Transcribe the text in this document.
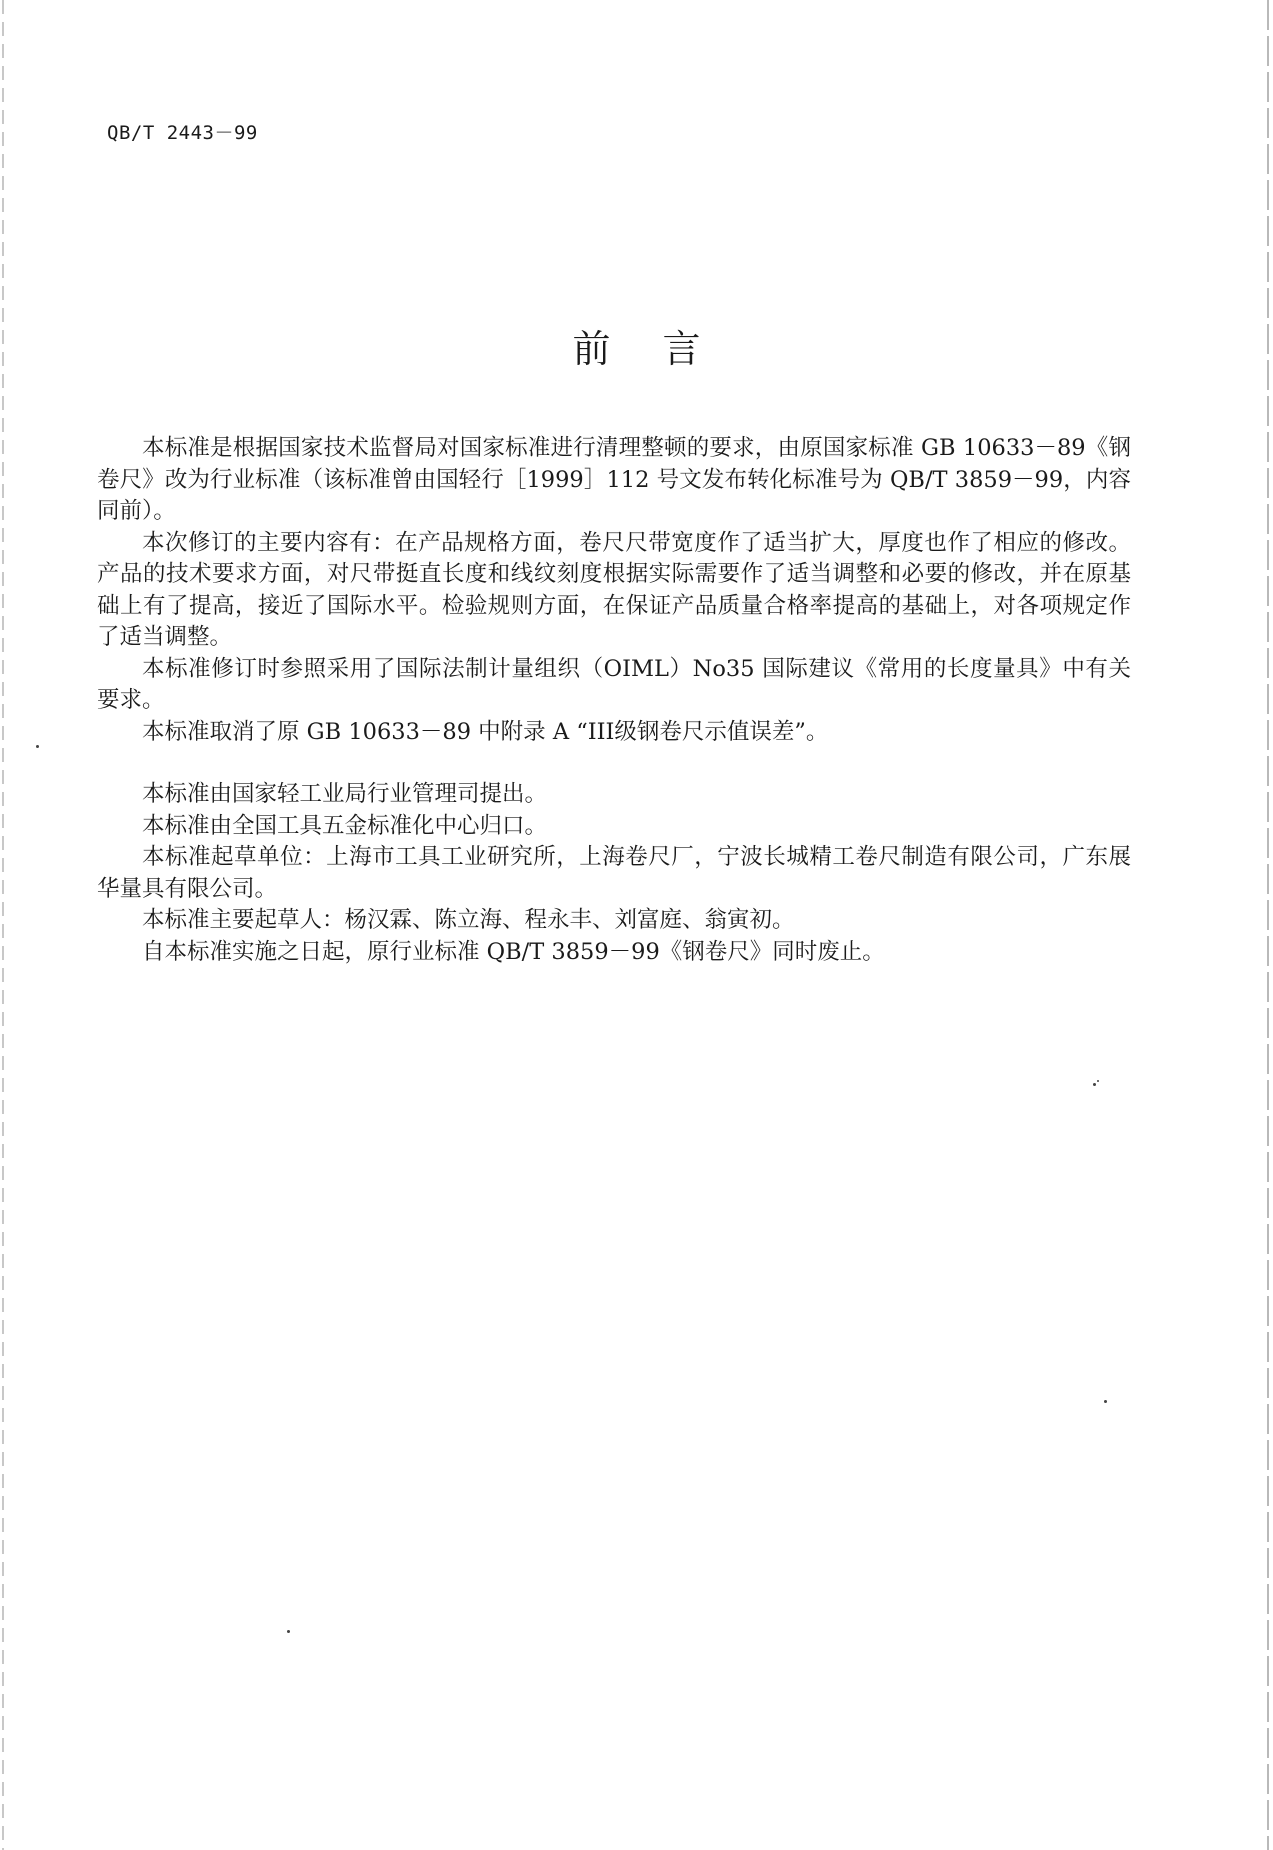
QB/T 2443－99
前言

本标准是根据国家技术监督局对国家标准进行清理整顿的要求，由原国家标准 GB 10633－89《钢卷尺》改为行业标准（该标准曾由国轻行［1999］112 号文发布转化标准号为 QB/T 3859－99，内容同前）。

本次修订的主要内容有：在产品规格方面，卷尺尺带宽度作了适当扩大，厚度也作了相应的修改。产品的技术要求方面，对尺带挺直长度和线纹刻度根据实际需要作了适当调整和必要的修改，并在原基础上有了提高，接近了国际水平。检验规则方面，在保证产品质量合格率提高的基础上，对各项规定作了适当调整。

本标准修订时参照采用了国际法制计量组织（OIML）No35 国际建议《常用的长度量具》中有关要求。

本标准取消了原 GB 10633－89 中附录 A “III级钢卷尺示值误差”。

本标准由国家轻工业局行业管理司提出。

本标准由全国工具五金标准化中心归口。

本标准起草单位：上海市工具工业研究所，上海卷尺厂，宁波长城精工卷尺制造有限公司，广东展华量具有限公司。

本标准主要起草人：杨汉霖、陈立海、程永丰、刘富庭、翁寅初。

自本标准实施之日起，原行业标准 QB/T 3859－99《钢卷尺》同时废止。
